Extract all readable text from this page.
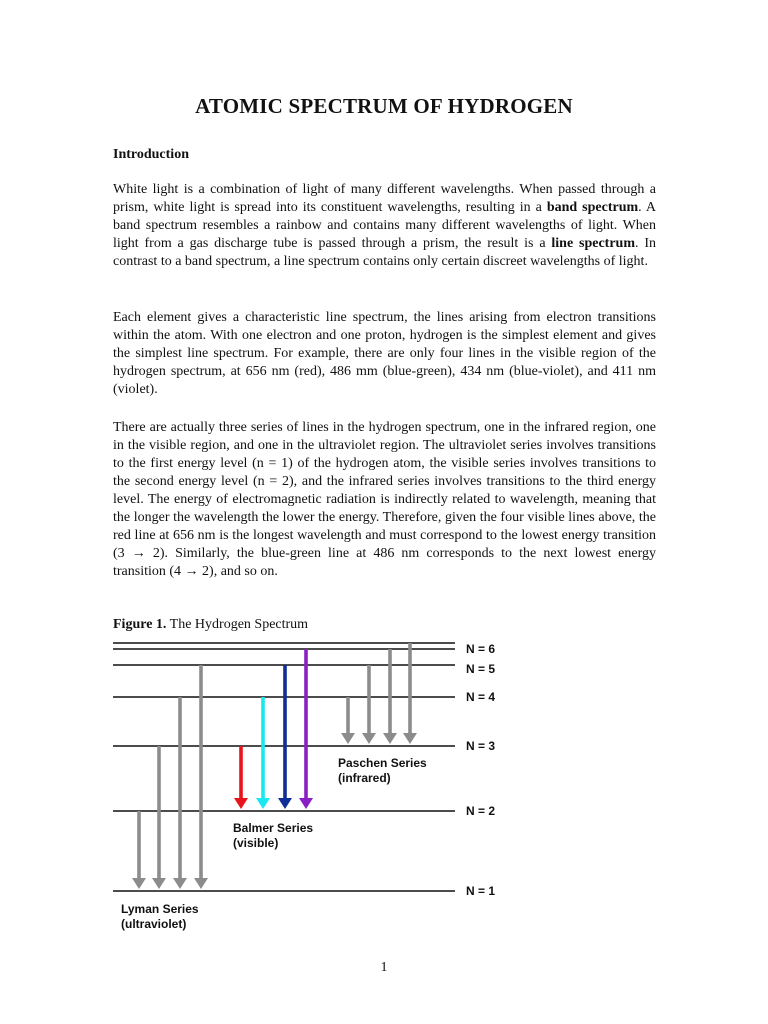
ATOMIC SPECTRUM OF HYDROGEN
Introduction

White light is a combination of light of many different wavelengths. When passed through a prism, white light is spread into its constituent wavelengths, resulting in a band spectrum. A band spectrum resembles a rainbow and contains many different wavelengths of light. When light from a gas discharge tube is passed through a prism, the result is a line spectrum. In contrast to a band spectrum, a line spectrum contains only certain discreet wavelengths of light.

Each element gives a characteristic line spectrum, the lines arising from electron transitions within the atom. With one electron and one proton, hydrogen is the simplest element and gives the simplest line spectrum. For example, there are only four lines in the visible region of the hydrogen spectrum, at 656 nm (red), 486 mm (blue-green), 434 nm (blue-violet), and 411 nm (violet).

There are actually three series of lines in the hydrogen spectrum, one in the infrared region, one in the visible region, and one in the ultraviolet region. The ultraviolet series involves transitions to the first energy level (n = 1) of the hydrogen atom, the visible series involves transitions to the second energy level (n = 2), and the infrared series involves transitions to the third energy level. The energy of electromagnetic radiation is indirectly related to wavelength, meaning that the longer the wavelength the lower the energy. Therefore, given the four visible lines above, the red line at 656 nm is the longest wavelength and must correspond to the lowest energy transition (3 → 2). Similarly, the blue-green line at 486 nm corresponds to the next lowest energy transition (4 → 2), and so on.

Figure 1. The Hydrogen Spectrum

N = 1
N = 2
N = 3
N = 4
N = 5
N = 6
Lyman Series
(ultraviolet)
Balmer Series
(visible)
Paschen Series
(infrared)

1
